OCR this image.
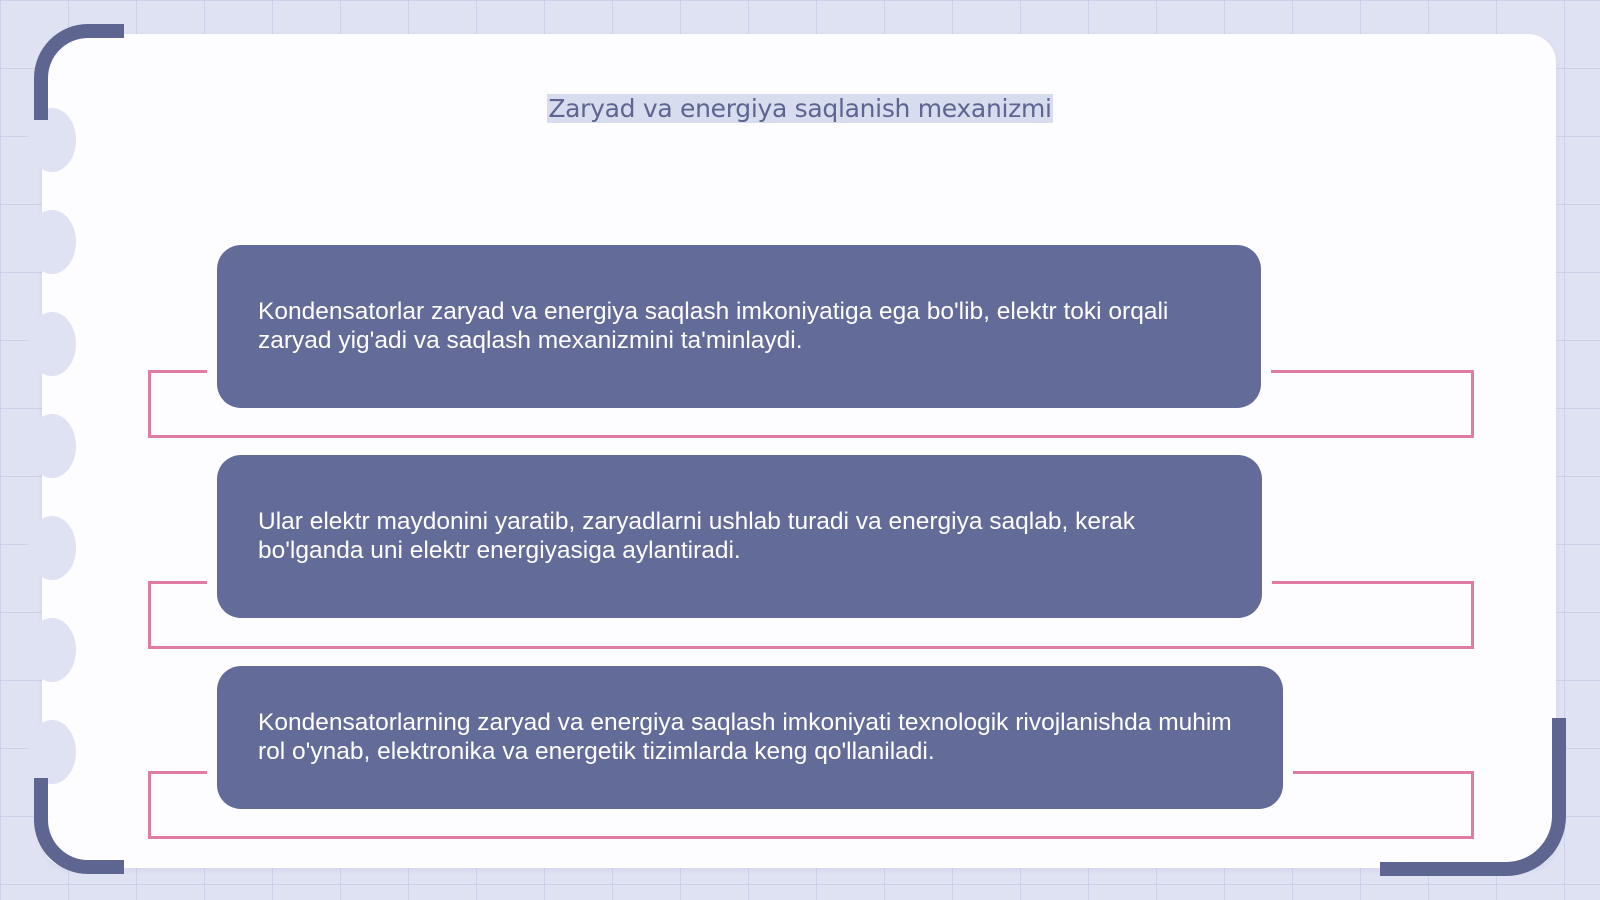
Zaryad va energiya saqlanish mexanizmi
Kondensatorlar zaryad va energiya saqlash imkoniyatiga ega bo'lib, elektr toki orqali zaryad yig'adi va saqlash mexanizmini ta'minlaydi.
Ular elektr maydonini yaratib, zaryadlarni ushlab turadi va energiya saqlab, kerak bo'lganda uni elektr energiyasiga aylantiradi.
Kondensatorlarning zaryad va energiya saqlash imkoniyati texnologik rivojlanishda muhim rol o'ynab, elektronika va energetik tizimlarda keng qo'llaniladi.
